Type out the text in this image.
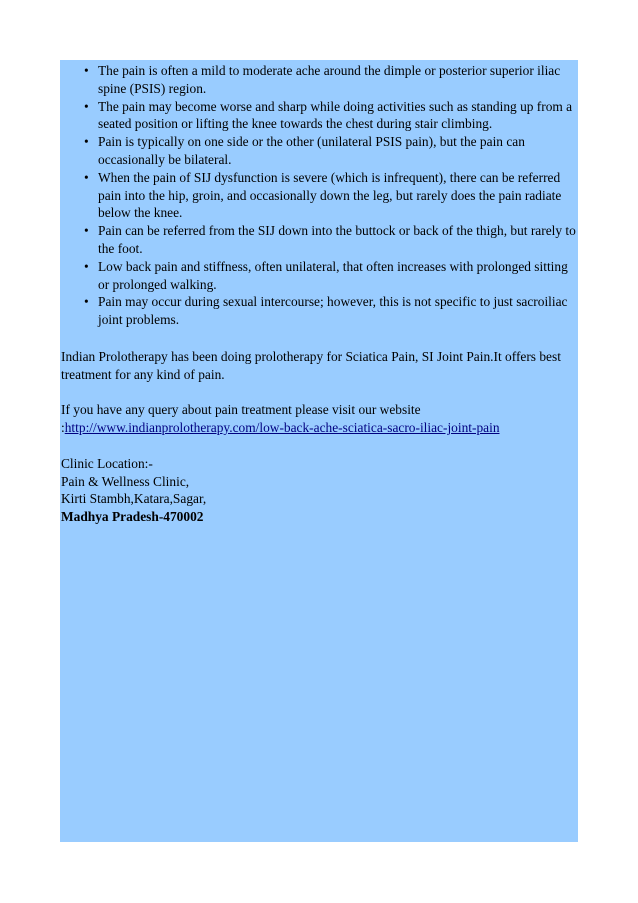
• The pain is often a mild to moderate ache around the dimple or posterior superior iliac spine (PSIS) region.
• The pain may become worse and sharp while doing activities such as standing up from a seated position or lifting the knee towards the chest during stair climbing.
• Pain is typically on one side or the other (unilateral PSIS pain), but the pain can occasionally be bilateral.
• When the pain of SIJ dysfunction is severe (which is infrequent), there can be referred pain into the hip, groin, and occasionally down the leg, but rarely does the pain radiate below the knee.
• Pain can be referred from the SIJ down into the buttock or back of the thigh, but rarely to the foot.
• Low back pain and stiffness, often unilateral, that often increases with prolonged sitting or prolonged walking.
• Pain may occur during sexual intercourse; however, this is not specific to just sacroiliac joint problems.

Indian Prolotherapy has been doing prolotherapy for Sciatica Pain, SI Joint Pain.It offers best treatment for any kind of pain.

If you have any query about pain treatment please visit our website :http://www.indianprolotherapy.com/low-back-ache-sciatica-sacro-iliac-joint-pain

Clinic Location:-

Pain & Wellness Clinic,

Kirti Stambh,Katara,Sagar,

Madhya Pradesh-470002
